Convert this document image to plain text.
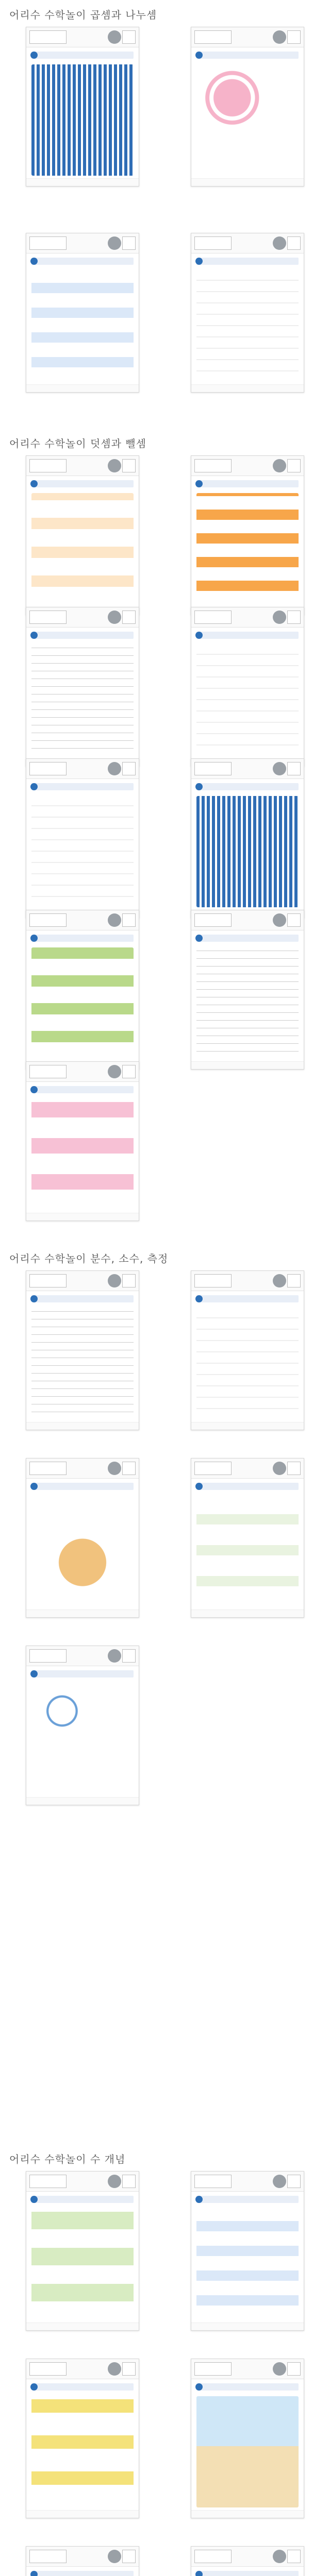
어리수 수학놀이 곱셈과 나누셈
어리수 수학놀이 덧셈과 뺄셈
어리수 수학놀이 분수, 소수, 측정
어리수 수학놀이 수 개념
